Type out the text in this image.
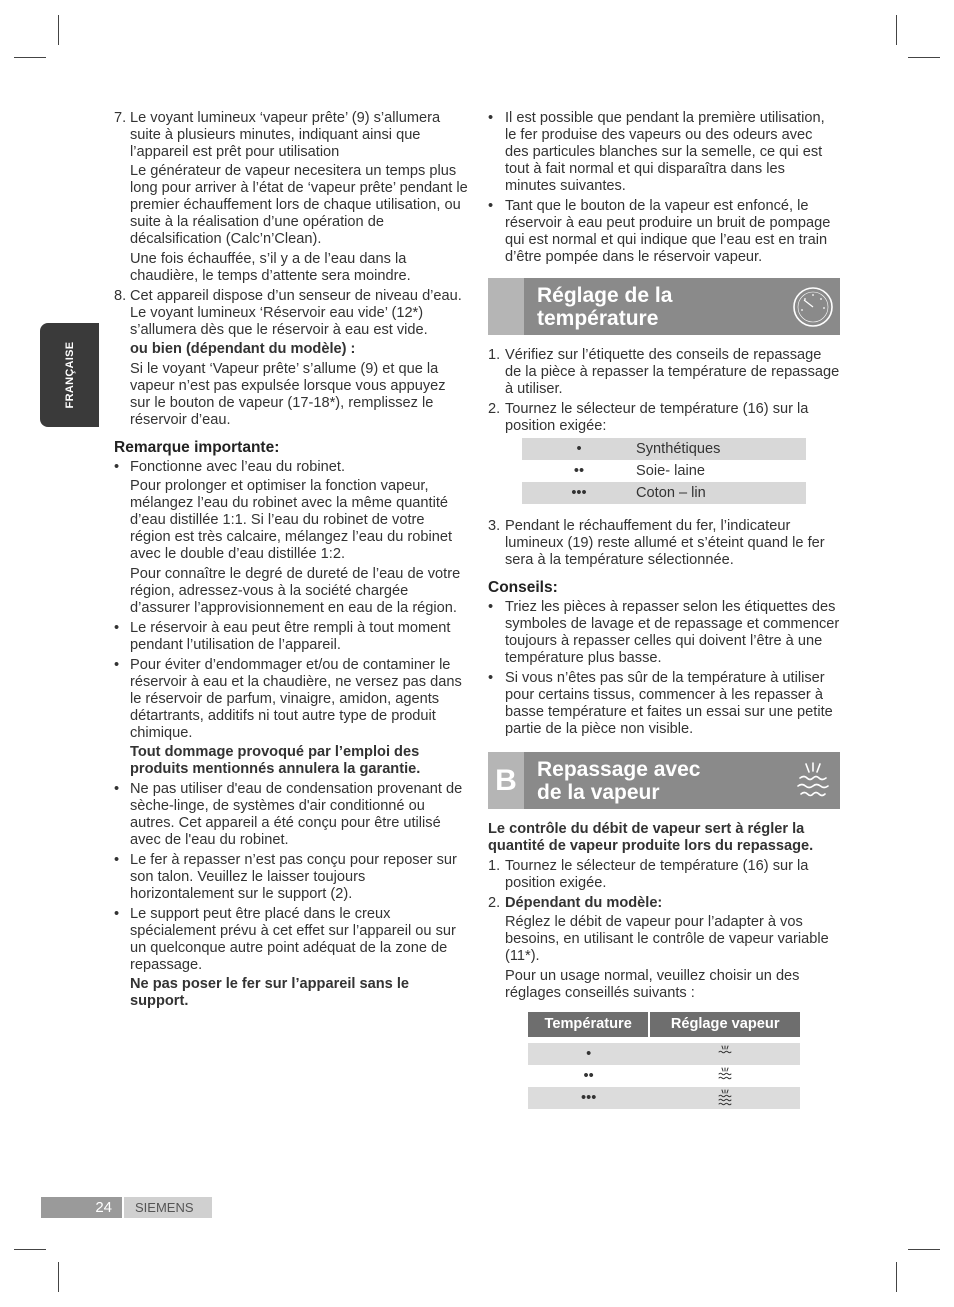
FRANÇAISE
7. Le voyant lumineux ‘vapeur prête’ (9) s’allumera suite à plusieurs minutes, indiquant ainsi que l’appareil est prêt pour utilisation

Le générateur de vapeur necesitera un temps plus long pour arriver à l’état de ‘vapeur prête’ pendant le premier échauffement lors de chaque utilisation, ou suite à la réalisation d’une opération de décalsification (Calc’n’Clean).

Une fois échauffée, s’il y a de l’eau dans la chaudière, le temps d’attente sera moindre.

8. Cet appareil dispose d’un senseur de niveau d’eau. Le voyant lumineux ‘Réservoir eau vide’ (12*) s’allumera dès que le réservoir à eau est vide.

ou bien (dépendant du modèle) :

Si le voyant ‘Vapeur prête’ s’allume (9) et que la vapeur n’est pas expulsée lorsque vous appuyez sur le bouton de vapeur (17-18*), remplissez le réservoir d’eau.

Remarque importante:
• Fonctionne avec l’eau du robinet.

Pour prolonger et optimiser la fonction vapeur, mélangez l’eau du robinet avec la même quantité d’eau distillée 1:1. Si l’eau du robinet de votre région est très calcaire, mélangez l’eau du robinet avec le double d’eau distillée 1:2.

Pour connaître le degré de dureté de l’eau de votre région, adressez-vous à la société chargée d’assurer l’approvisionnement en eau de la région.

• Le réservoir à eau peut être rempli à tout moment pendant l’utilisation de l’appareil.

• Pour éviter d’endommager et/ou de contaminer le réservoir à eau et la chaudière, ne versez pas dans le réservoir de parfum, vinaigre, amidon, agents détartrants, additifs ni tout autre type de produit chimique.

Tout dommage provoqué par l’emploi des produits mentionnés annulera la garantie.

• Ne pas utiliser d'eau de condensation provenant de sèche-linge, de systèmes d'air conditionné ou autres. Cet appareil a été conçu pour être utilisé avec de l'eau du robinet.

• Le fer à repasser n’est pas conçu pour reposer sur son talon. Veuillez le laisser toujours horizontalement sur le support (2).

• Le support peut être placé dans le creux spécialement prévu à cet effet sur l’appareil ou sur un quelconque autre point adéquat de la zone de repassage.

Ne pas poser le fer sur l’appareil sans le support.

• Il est possible que pendant la première utilisation, le fer produise des vapeurs ou des odeurs avec des particules blanches sur la semelle, ce qui est tout à fait normal et qui disparaîtra dans les minutes suivantes.

• Tant que le bouton de la vapeur est enfoncé, le réservoir à eau peut produire un bruit de pompage qui est normal et qui indique que l’eau est en train d’être pompée dans le réservoir vapeur.

Réglage de la
température
1. Vérifiez sur l’étiquette des conseils de repassage de la pièce à repasser la température de repassage à utiliser.

2. Tournez le sélecteur de température (16) sur la position exigée:

•	Synthétiques
••	Soie- laine
•••	Coton – lin
3. Pendant le réchauffement du fer, l’indicateur lumineux (19) reste allumé et s’éteint quand le fer sera à la température sélectionnée.

Conseils:
• Triez les pièces à repasser selon les étiquettes des symboles de lavage et de repassage et commencer toujours à repasser celles qui doivent l’être à une température plus basse.

• Si vous n’êtes pas sûr de la température à utiliser pour certains tissus, commencer à les repasser à basse température et faites un essai sur une petite partie de la pièce non visible.

B Repassage avec
de la vapeur

Le contrôle du débit de vapeur sert à régler la quantité de vapeur produite lors du repassage.

1. Tournez le sélecteur de température (16) sur la position exigée.

2. Dépendant du modèle:

Réglez le débit de vapeur pour l’adapter à vos besoins, en utilisant le contrôle de vapeur variable (11*).

Pour un usage normal, veuillez choisir un des réglages conseillés suivants :

Température	Réglage vapeur

•	
••	
•••	
24	SIEMENS
